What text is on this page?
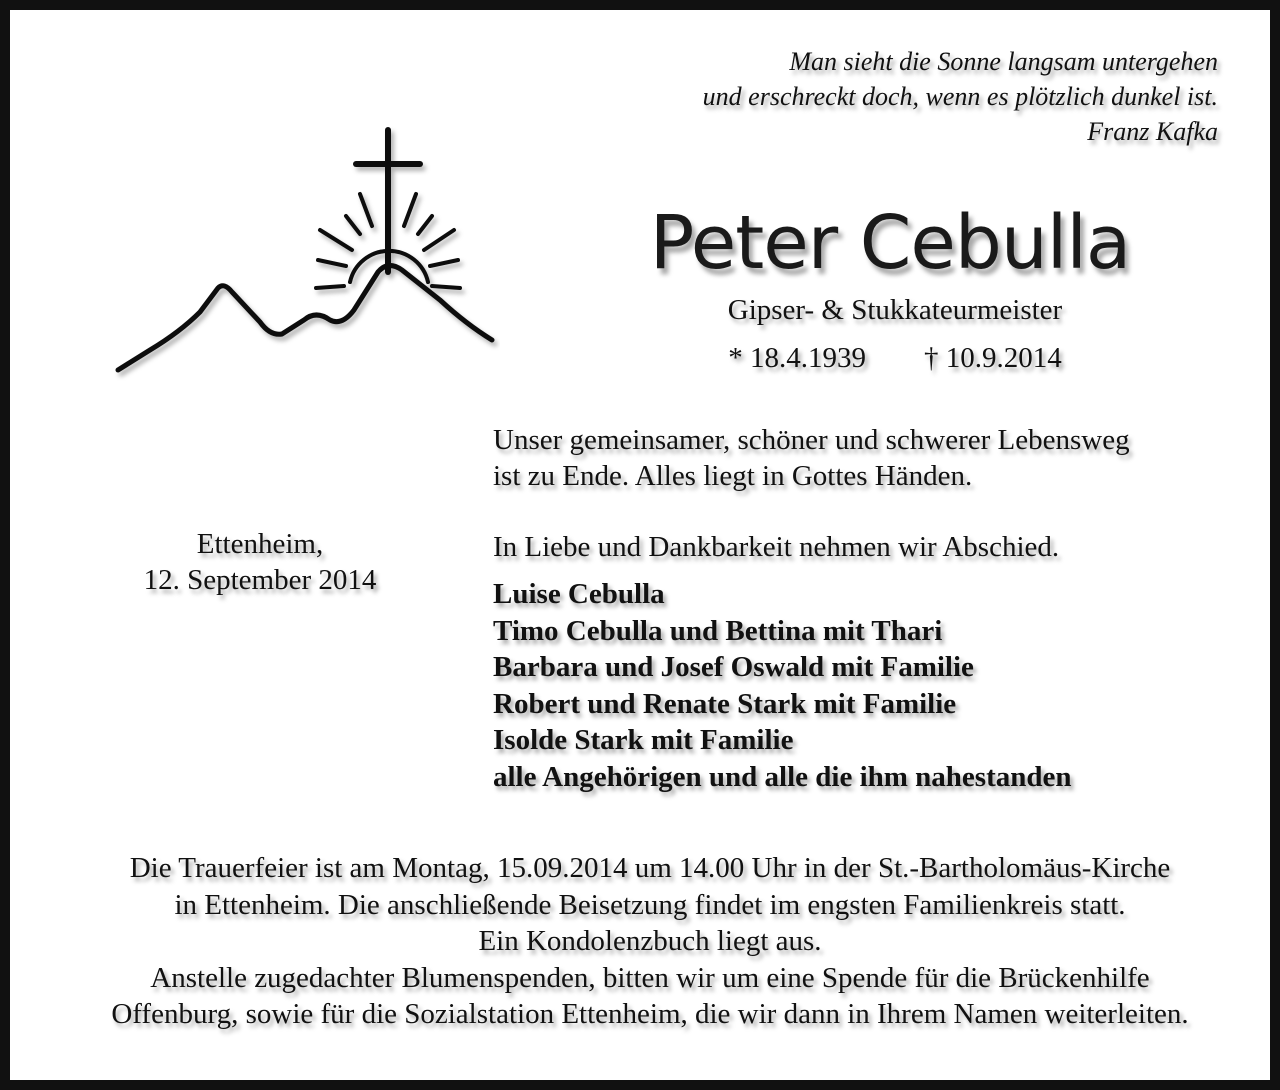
Man sieht die Sonne langsam untergehen
und erschreckt doch, wenn es plötzlich dunkel ist.
Franz Kafka
Peter Cebulla
Gipser- & Stukkateurmeister
* 18.4.1939 † 10.9.2014
Unser gemeinsamer, schöner und schwerer Lebensweg
ist zu Ende. Alles liegt in Gottes Händen.
In Liebe und Dankbarkeit nehmen wir Abschied.
Luise Cebulla
Timo Cebulla und Bettina mit Thari
Barbara und Josef Oswald mit Familie
Robert und Renate Stark mit Familie
Isolde Stark mit Familie
alle Angehörigen und alle die ihm nahestanden
Ettenheim,
12. September 2014
Die Trauerfeier ist am Montag, 15.09.2014 um 14.00 Uhr in der St.-Bartholomäus-Kirche
in Ettenheim. Die anschließende Beisetzung findet im engsten Familienkreis statt.
Ein Kondolenzbuch liegt aus.
Anstelle zugedachter Blumenspenden, bitten wir um eine Spende für die Brückenhilfe
Offenburg, sowie für die Sozialstation Ettenheim, die wir dann in Ihrem Namen weiterleiten.
